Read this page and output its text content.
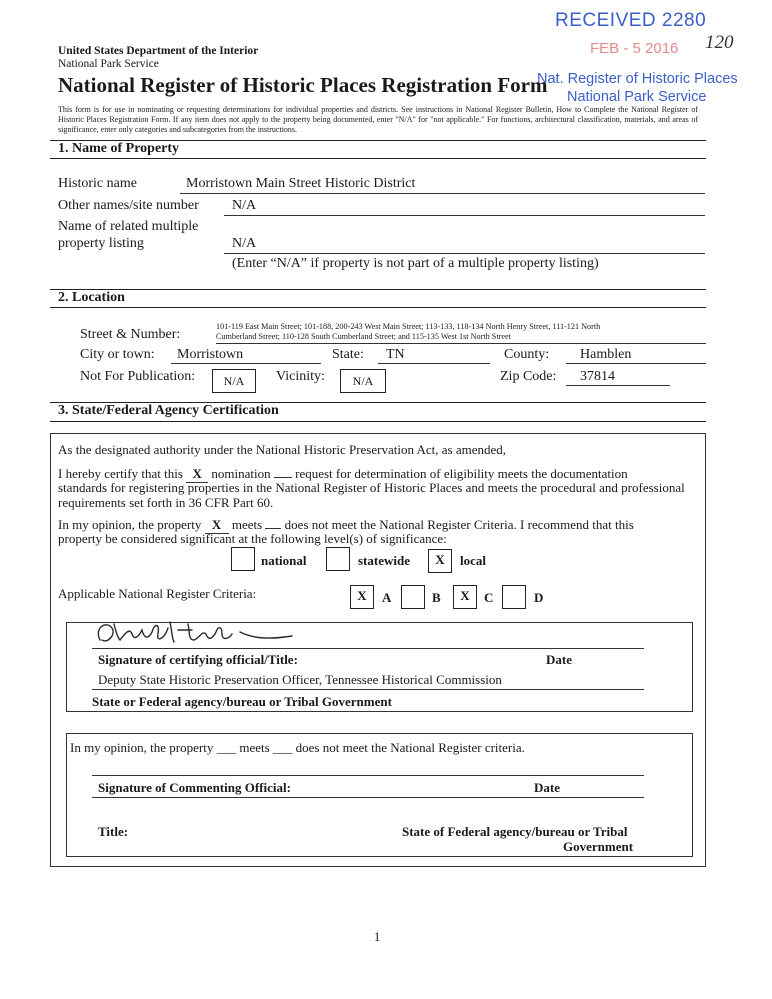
RECEIVED 2280
FEB - 5 2016 120
Nat. Register of Historic Places
National Park Service
United States Department of the Interior
National Park Service
National Register of Historic Places Registration Form
This form is for use in nominating or requesting determinations for individual properties and districts. See instructions in National Register Bulletin, How to Complete the National Register of Historic Places Registration Form. If any item does not apply to the property being documented, enter "N/A" for "not applicable." For functions, architectural classification, materials, and areas of significance, enter only categories and subcategories from the instructions.
1. Name of Property
Historic name	Morristown Main Street Historic District
Other names/site number	N/A
Name of related multiple
property listing	N/A
(Enter “N/A” if property is not part of a multiple property listing)
2. Location
Street & Number:
101-119 East Main Street; 101-188, 200-243 West Main Street; 113-133, 118-134 North Henry Street, 111-121 North
Cumberland Street; 110-128 South Cumberland Street; and 115-135 West 1st North Street
City or town:	Morristown	State:	TN	County:	Hamblen
Not For Publication:	N/A	Vicinity:	N/A	Zip Code:	37814
3. State/Federal Agency Certification
As the designated authority under the National Historic Preservation Act, as amended,
I hereby certify that this X nomination request for determination of eligibility meets the documentation
standards for registering properties in the National Register of Historic Places and meets the procedural and professional
requirements set forth in 36 CFR Part 60.
In my opinion, the property X meets does not meet the National Register Criteria. I recommend that this
property be considered significant at the following level(s) of significance:
national	statewide	X	local
Applicable National Register Criteria:	X	A	B	X	C	D
Signature of certifying official/Title:	Date
Deputy State Historic Preservation Officer, Tennessee Historical Commission
State or Federal agency/bureau or Tribal Government
In my opinion, the property ___ meets ___ does not meet the National Register criteria.
Signature of Commenting Official:	Date
Title:	State of Federal agency/bureau or Tribal
Government
1
